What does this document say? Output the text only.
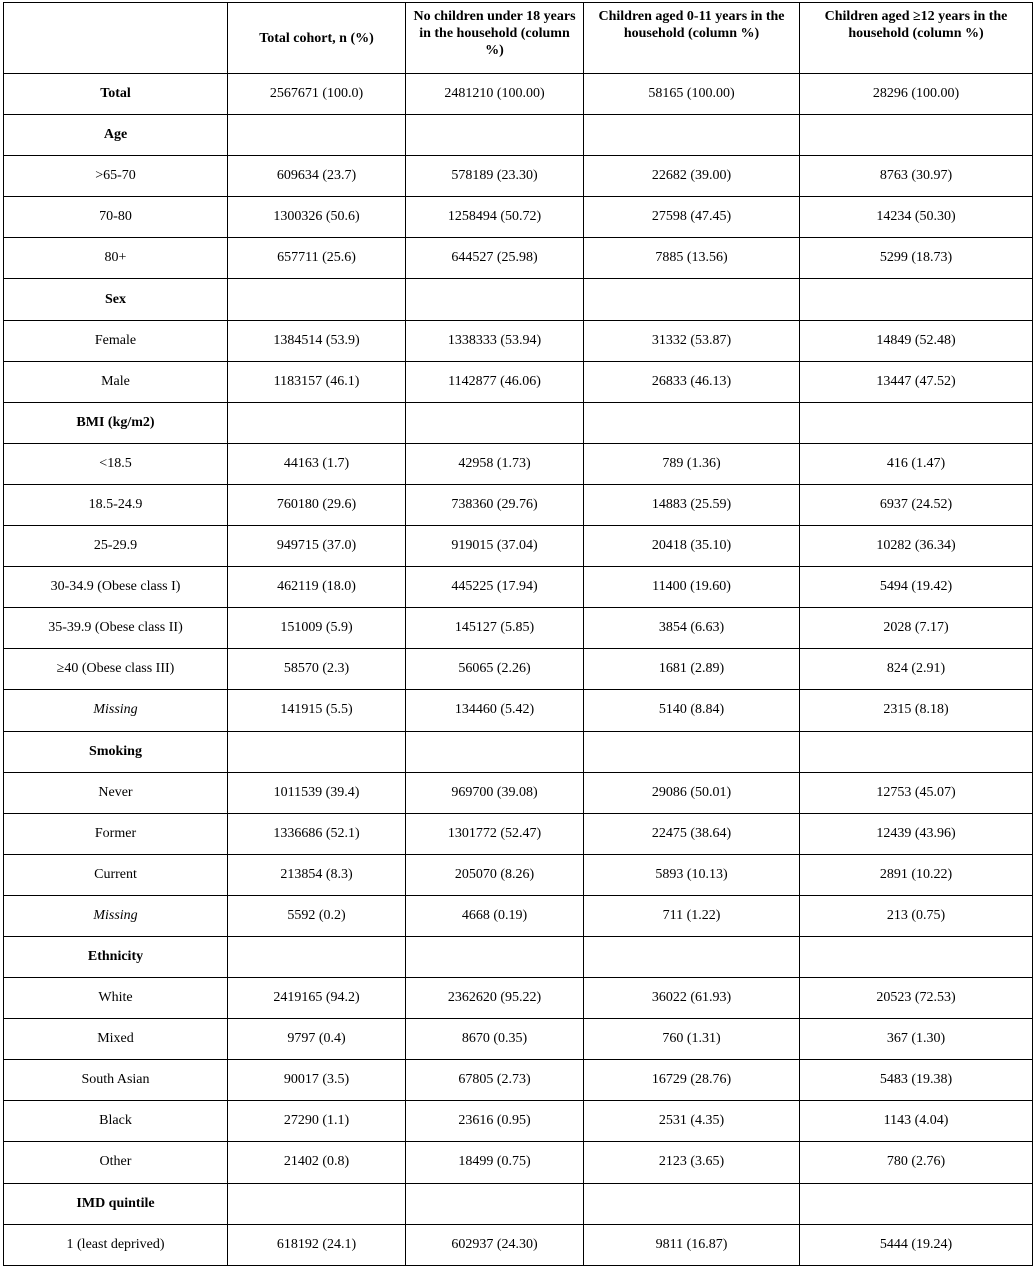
	Total cohort, n (%)	No children under 18 years in the household (column %)	Children aged 0-11 years in the household (column %)	Children aged ≥12 years in the household (column %)
Total	2567671 (100.0)	2481210 (100.00)	58165 (100.00)	28296 (100.00)
Age				
>65-70	609634 (23.7)	578189 (23.30)	22682 (39.00)	8763 (30.97)
70-80	1300326 (50.6)	1258494 (50.72)	27598 (47.45)	14234 (50.30)
80+	657711 (25.6)	644527 (25.98)	7885 (13.56)	5299 (18.73)
Sex				
Female	1384514 (53.9)	1338333 (53.94)	31332 (53.87)	14849 (52.48)
Male	1183157 (46.1)	1142877 (46.06)	26833 (46.13)	13447 (47.52)
BMI (kg/m2)				
<18.5	44163 (1.7)	42958 (1.73)	789 (1.36)	416 (1.47)
18.5-24.9	760180 (29.6)	738360 (29.76)	14883 (25.59)	6937 (24.52)
25-29.9	949715 (37.0)	919015 (37.04)	20418 (35.10)	10282 (36.34)
30-34.9 (Obese class I)	462119 (18.0)	445225 (17.94)	11400 (19.60)	5494 (19.42)
35-39.9 (Obese class II)	151009 (5.9)	145127 (5.85)	3854 (6.63)	2028 (7.17)
≥40 (Obese class III)	58570 (2.3)	56065 (2.26)	1681 (2.89)	824 (2.91)
Missing	141915 (5.5)	134460 (5.42)	5140 (8.84)	2315 (8.18)
Smoking				
Never	1011539 (39.4)	969700 (39.08)	29086 (50.01)	12753 (45.07)
Former	1336686 (52.1)	1301772 (52.47)	22475 (38.64)	12439 (43.96)
Current	213854 (8.3)	205070 (8.26)	5893 (10.13)	2891 (10.22)
Missing	5592 (0.2)	4668 (0.19)	711 (1.22)	213 (0.75)
Ethnicity				
White	2419165 (94.2)	2362620 (95.22)	36022 (61.93)	20523 (72.53)
Mixed	9797 (0.4)	8670 (0.35)	760 (1.31)	367 (1.30)
South Asian	90017 (3.5)	67805 (2.73)	16729 (28.76)	5483 (19.38)
Black	27290 (1.1)	23616 (0.95)	2531 (4.35)	1143 (4.04)
Other	21402 (0.8)	18499 (0.75)	2123 (3.65)	780 (2.76)
IMD quintile				
1 (least deprived)	618192 (24.1)	602937 (24.30)	9811 (16.87)	5444 (19.24)
